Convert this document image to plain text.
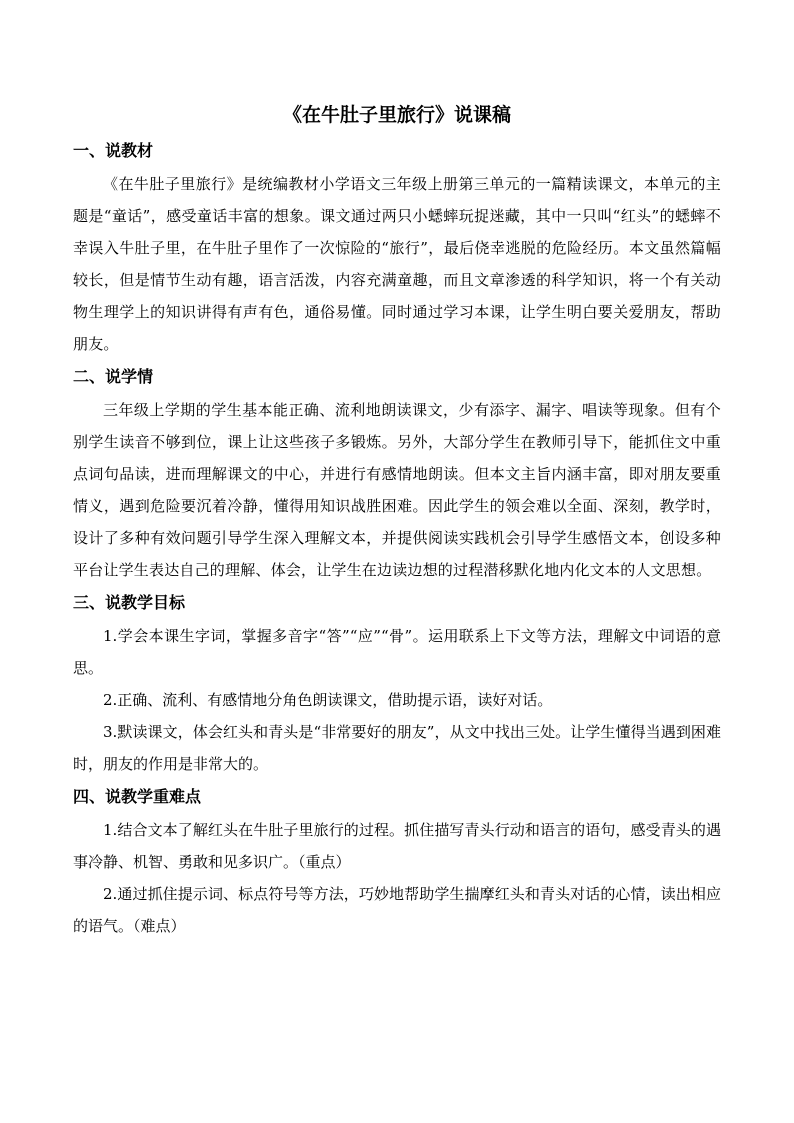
《在牛肚子里旅行》说课稿
一、说教材

《在牛肚子里旅行》是统编教材小学语文三年级上册第三单元的一篇精读课文，本单元的主题是“童话”，感受童话丰富的想象。课文通过两只小蟋蟀玩捉迷藏，其中一只叫“红头”的蟋蟀不幸误入牛肚子里，在牛肚子里作了一次惊险的“旅行”，最后侥幸逃脱的危险经历。本文虽然篇幅较长，但是情节生动有趣，语言活泼，内容充满童趣，而且文章渗透的科学知识，将一个有关动物生理学上的知识讲得有声有色，通俗易懂。同时通过学习本课，让学生明白要关爱朋友，帮助朋友。

二、说学情

三年级上学期的学生基本能正确、流利地朗读课文，少有添字、漏字、唱读等现象。但有个别学生读音不够到位，课上让这些孩子多锻炼。另外，大部分学生在教师引导下，能抓住文中重点词句品读，进而理解课文的中心，并进行有感情地朗读。但本文主旨内涵丰富，即对朋友要重情义，遇到危险要沉着冷静，懂得用知识战胜困难。因此学生的领会难以全面、深刻，教学时，设计了多种有效问题引导学生深入理解文本，并提供阅读实践机会引导学生感悟文本，创设多种平台让学生表达自己的理解、体会，让学生在边读边想的过程潜移默化地内化文本的人文思想。

三、说教学目标

1.学会本课生字词，掌握多音字“答”“应”“骨”。运用联系上下文等方法，理解文中词语的意思。

2.正确、流利、有感情地分角色朗读课文，借助提示语，读好对话。

3.默读课文，体会红头和青头是“非常要好的朋友”，从文中找出三处。让学生懂得当遇到困难时，朋友的作用是非常大的。

四、说教学重难点

1.结合文本了解红头在牛肚子里旅行的过程。抓住描写青头行动和语言的语句，感受青头的遇事冷静、机智、勇敢和见多识广。（重点）

2.通过抓住提示词、标点符号等方法，巧妙地帮助学生揣摩红头和青头对话的心情，读出相应的语气。（难点）
